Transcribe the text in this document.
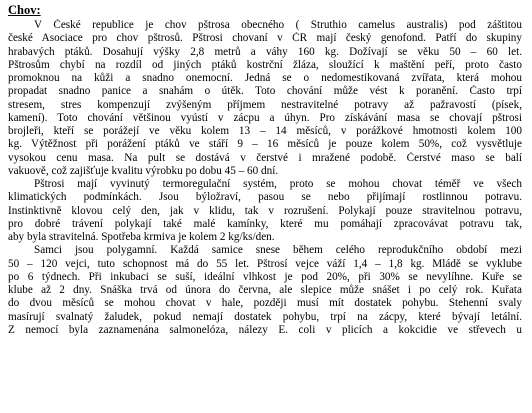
Chov:

V České republice je chov pštrosa obecného ( Struthio camelus australis) pod záštitou
české Asociace pro chov pštrosů. Pštrosi chovaní v ČR mají český genofond. Patří do skupiny
hrabavých ptáků. Dosahují výšky 2,8 metrů a váhy 160 kg. Dožívají se věku 50 – 60 let.
Pštrosům chybí na rozdíl od jiných ptáků kostrční žláza, sloužící k maštění peří, proto často
promoknou na kůži a snadno onemocní. Jedná se o nedomestikovaná zvířata, která mohou
propadat snadno panice a snahám o útěk. Toto chování může vést k poranění. Často trpí
stresem, stres kompenzují zvýšeným příjmem nestravitelné potravy až pažravostí (písek,
kamení). Toto chování většinou vyústí v zácpu a úhyn. Pro získávání masa se chovají pštrosi
brojleři, kteří se porážejí ve věku kolem 13 – 14 měsíců, v porážkové hmotnosti kolem 100
kg. Výtěžnost při porážení ptáků ve stáří 9 – 16 měsíců je pouze kolem 50%, což vysvětluje
vysokou cenu masa. Na pult se dostává v čerstvé i mražené podobě. Čerstvé maso se balí
vakuově, což zajišťuje kvalitu výrobku po dobu 45 – 60 dní.
Pštrosi mají vyvinutý termoregulační systém, proto se mohou chovat téměř ve všech
klimatických podmínkách. Jsou býložraví, pasou se nebo přijímají rostlinnou potravu.
Instinktivně klovou celý den, jak v klidu, tak v rozrušení. Polykají pouze stravitelnou potravu,
pro dobré trávení polykají také malé kamínky, které mu pomáhají zpracovávat potravu tak,
aby byla stravitelná. Spotřeba krmiva je kolem 2 kg/ks/den.
Samci jsou polygamní. Každá samice snese během celého reprodukčního období mezi
50 – 120 vejci, tuto schopnost má do 55 let. Pštrosí vejce váží 1,4 – 1,8 kg. Mládě se vyklube
po 6 týdnech. Při inkubaci se suší, ideální vlhkost je pod 20%, při 30% se nevylíhne. Kuře se
klube až 2 dny. Snáška trvá od února do června, ale slepice může snášet i po celý rok. Kuřata
do dvou měsíců se mohou chovat v hale, později musí mít dostatek pohybu. Stehenní svaly
masírují svalnatý žaludek, pokud nemají dostatek pohybu, trpí na zácpy, které bývají letální.
Z nemocí byla zaznamenána salmonelóza, nálezy E. coli v plicích a kokcidie ve střevech u
